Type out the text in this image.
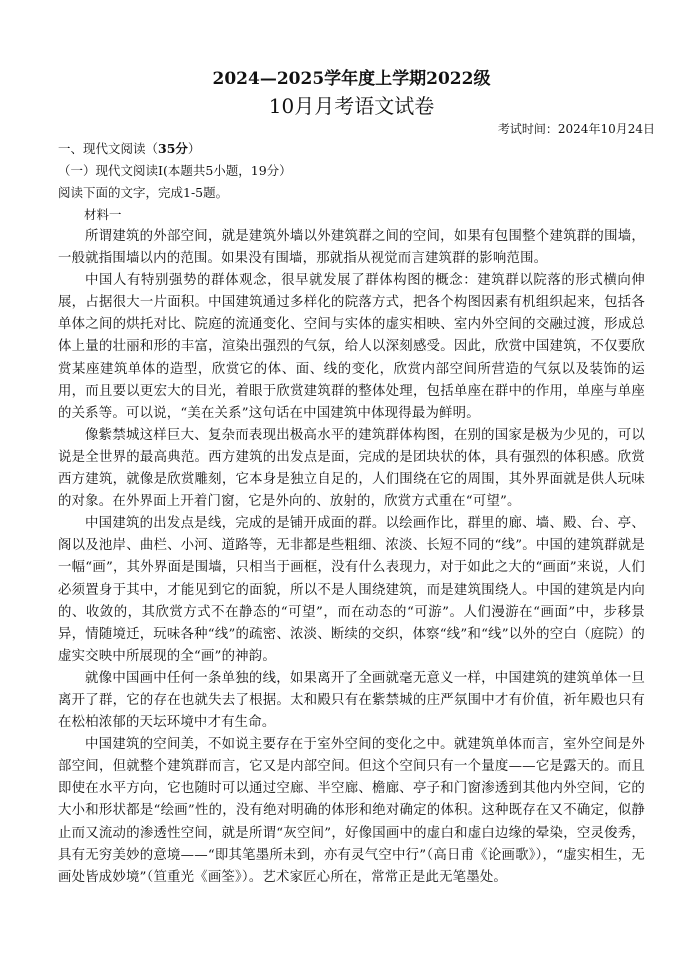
2024—2025学年度上学期2022级
10月月考语文试卷
考试时间：2024年10月24日
一、现代文阅读（35分）
（一）现代文阅读Ⅰ(本题共5小题，19分）
阅读下面的文字，完成1-5题。
材料一

所谓建筑的外部空间，就是建筑外墙以外建筑群之间的空间，如果有包围整个建筑群的围墙，一般就指围墙以内的范围。如果没有围墙，那就指从视觉而言建筑群的影响范围。

中国人有特别强势的群体观念，很早就发展了群体构图的概念：建筑群以院落的形式横向伸展，占据很大一片面积。中国建筑通过多样化的院落方式，把各个构图因素有机组织起来，包括各单体之间的烘托对比、院庭的流通变化、空间与实体的虚实相映、室内外空间的交融过渡，形成总体上量的壮丽和形的丰富，渲染出强烈的气氛，给人以深刻感受。因此，欣赏中国建筑，不仅要欣赏某座建筑单体的造型，欣赏它的体、面、线的变化，欣赏内部空间所营造的气氛以及装饰的运用，而且要以更宏大的目光，着眼于欣赏建筑群的整体处理，包括单座在群中的作用，单座与单座的关系等。可以说，“美在关系”这句话在中国建筑中体现得最为鲜明。

像紫禁城这样巨大、复杂而表现出极高水平的建筑群体构图，在别的国家是极为少见的，可以说是全世界的最高典范。西方建筑的出发点是面，完成的是团块状的体，具有强烈的体积感。欣赏西方建筑，就像是欣赏雕刻，它本身是独立自足的，人们围绕在它的周围，其外界面就是供人玩味的对象。在外界面上开着门窗，它是外向的、放射的，欣赏方式重在“可望”。

中国建筑的出发点是线，完成的是铺开成面的群。以绘画作比，群里的廊、墙、殿、台、亭、阁以及池岸、曲栏、小河、道路等，无非都是些粗细、浓淡、长短不同的“线”。中国的建筑群就是一幅“画”，其外界面是围墙，只相当于画框，没有什么表现力，对于如此之大的“画面”来说，人们必须置身于其中，才能见到它的面貌，所以不是人围绕建筑，而是建筑围绕人。中国的建筑是内向的、收敛的，其欣赏方式不在静态的“可望”，而在动态的“可游”。人们漫游在“画面”中，步移景异，情随境迁，玩味各种“线”的疏密、浓淡、断续的交织，体察“线”和“线”以外的空白（庭院）的虚实交映中所展现的全“画”的神韵。

就像中国画中任何一条单独的线，如果离开了全画就毫无意义一样，中国建筑的建筑单体一旦离开了群，它的存在也就失去了根据。太和殿只有在紫禁城的庄严氛围中才有价值，祈年殿也只有在松柏浓郁的天坛环境中才有生命。

中国建筑的空间美，不如说主要存在于室外空间的变化之中。就建筑单体而言，室外空间是外部空间，但就整个建筑群而言，它又是内部空间。但这个空间只有一个量度——它是露天的。而且即使在水平方向，它也随时可以通过空廊、半空廊、檐廊、亭子和门窗渗透到其他内外空间，它的大小和形状都是“绘画”性的，没有绝对明确的体形和绝对确定的体积。这种既存在又不确定，似静止而又流动的渗透性空间，就是所谓“灰空间”，好像国画中的虚白和虚白边缘的晕染，空灵俊秀，具有无穷美妙的意境——“即其笔墨所未到，亦有灵气空中行”（高日甫《论画歌》），“虚实相生，无画处皆成妙境”（笪重光《画筌》）。艺术家匠心所在，常常正是此无笔墨处。
